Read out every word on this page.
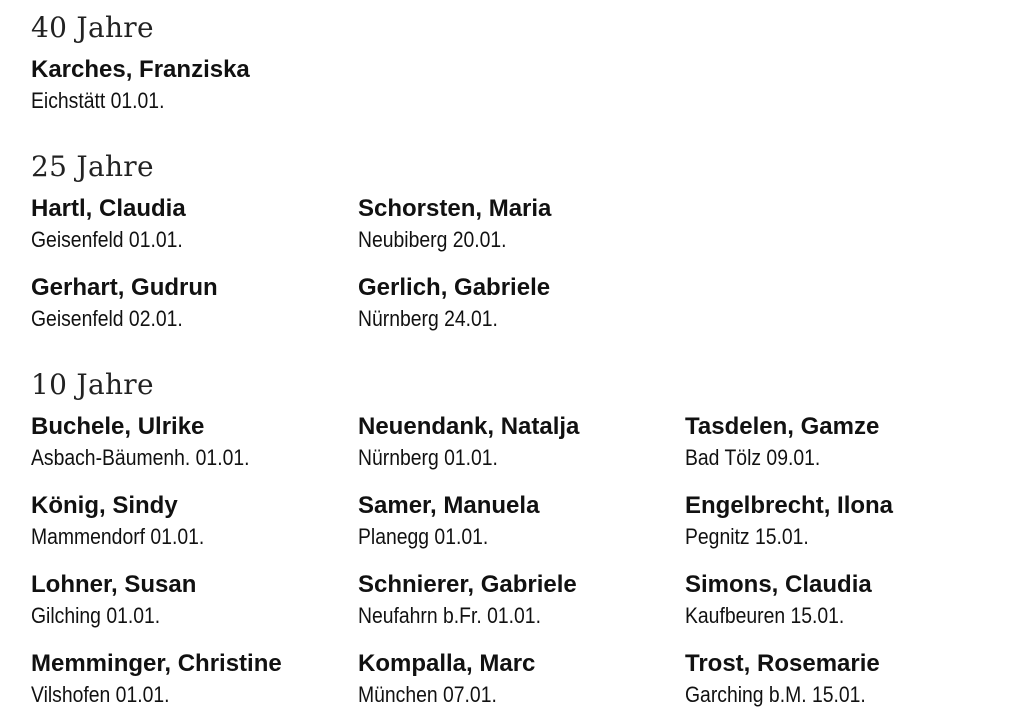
40 Jahre
Karches, Franziska
Eichstätt 01.01.
25 Jahre
Hartl, Claudia
Geisenfeld 01.01.
Schorsten, Maria
Neubiberg 20.01.
Gerhart, Gudrun
Geisenfeld 02.01.
Gerlich, Gabriele
Nürnberg 24.01.
10 Jahre
Buchele, Ulrike
Asbach-Bäumenh. 01.01.
Neuendank, Natalja
Nürnberg 01.01.
Tasdelen, Gamze
Bad Tölz 09.01.
König, Sindy
Mammendorf 01.01.
Samer, Manuela
Planegg 01.01.
Engelbrecht, Ilona
Pegnitz 15.01.
Lohner, Susan
Gilching 01.01.
Schnierer, Gabriele
Neufahrn b.Fr. 01.01.
Simons, Claudia
Kaufbeuren 15.01.
Memminger, Christine
Vilshofen 01.01.
Kompalla, Marc
München 07.01.
Trost, Rosemarie
Garching b.M. 15.01.
